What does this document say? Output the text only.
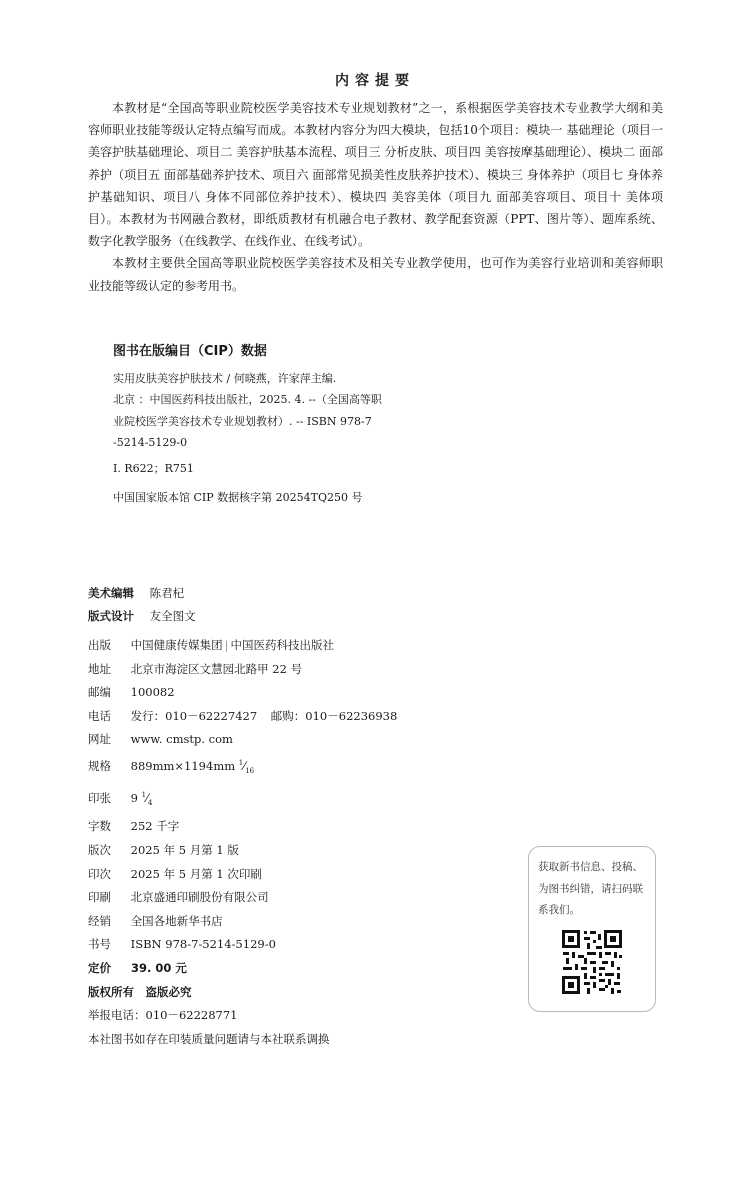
内容提要

本教材是“全国高等职业院校医学美容技术专业规划教材”之一，系根据医学美容技术专业教学大纲和美容师职业技能等级认定特点编写而成。本教材内容分为四大模块，包括10个项目：模块一 基础理论（项目一 美容护肤基础理论、项目二 美容护肤基本流程、项目三 分析皮肤、项目四 美容按摩基础理论）、模块二 面部养护（项目五 面部基础养护技术、项目六 面部常见损美性皮肤养护技术）、模块三 身体养护（项目七 身体养护基础知识、项目八 身体不同部位养护技术）、模块四 美容美体（项目九 面部美容项目、项目十 美体项目）。本教材为书网融合教材，即纸质教材有机融合电子教材、教学配套资源（PPT、图片等）、题库系统、数字化教学服务（在线教学、在线作业、在线考试）。

本教材主要供全国高等职业院校医学美容技术及相关专业教学使用，也可作为美容行业培训和美容师职业技能等级认定的参考用书。

图书在版编目（CIP）数据
实用皮肤美容护肤技术 / 何晓燕，许家萍主编.
北京 ：中国医药科技出版社，2025. 4. --（全国高等职
业院校医学美容技术专业规划教材）. -- ISBN 978-7
-5214-5129-0
Ⅰ. R622；R751
中国国家版本馆 CIP 数据核字第 20254TQ250 号
美术编辑 陈君杞
版式设计 友全图文
出版 中国健康传媒集团 | 中国医药科技出版社
地址 北京市海淀区文慧园北路甲 22 号
邮编 100082
电话 发行：010－62227427 邮购：010－62236938
网址 www. cmstp. com
规格 889mm×1194mm $^1⁄_{16}$
印张 9 $^1⁄_4$
字数 252 千字
版次 2025 年 5 月第 1 版
印次 2025 年 5 月第 1 次印刷
印刷 北京盛通印刷股份有限公司
经销 全国各地新华书店
书号 ISBN 978-7-5214-5129-0
定价 39. 00 元
版权所有　盗版必究
举报电话：010－62228771
本社图书如存在印装质量问题请与本社联系调换
获取新书信息、投稿、为图书纠错，请扫码联系我们。
